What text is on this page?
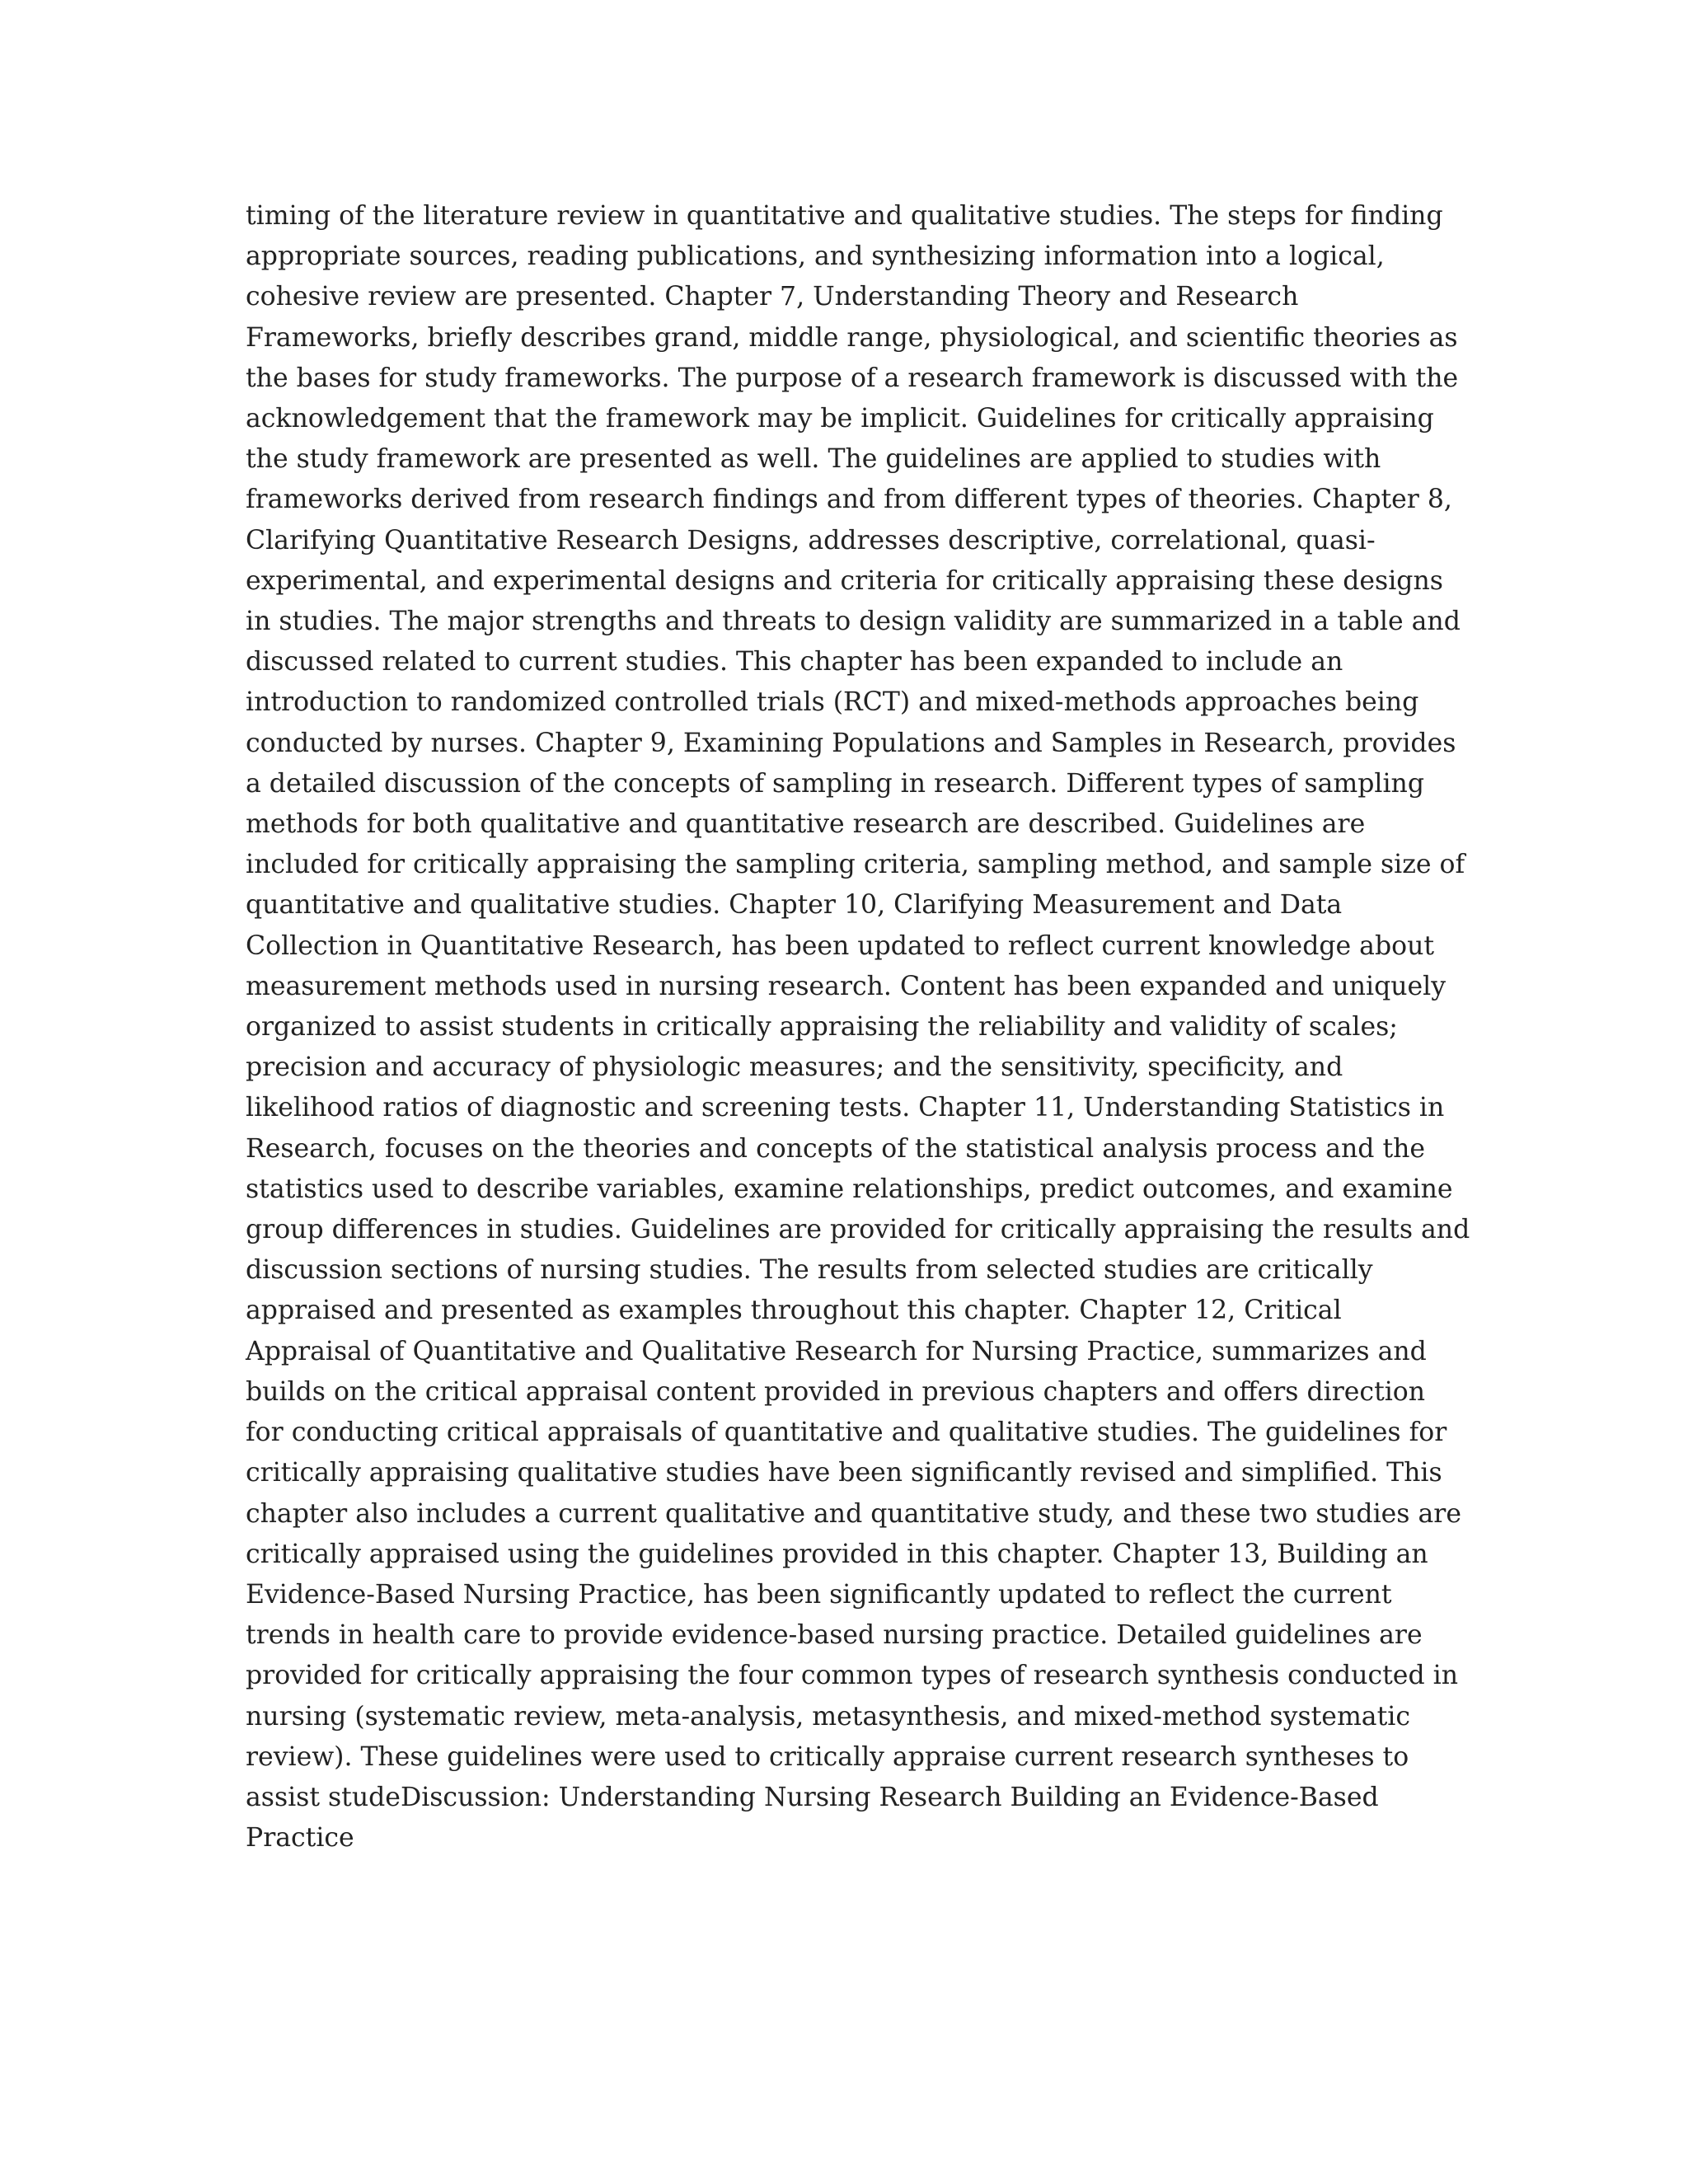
timing of the literature review in quantitative and qualitative studies. The steps for finding
appropriate sources, reading publications, and synthesizing information into a logical,
cohesive review are presented. Chapter 7, Understanding Theory and Research
Frameworks, briefly describes grand, middle range, physiological, and scientific theories as
the bases for study frameworks. The purpose of a research framework is discussed with the
acknowledgement that the framework may be implicit. Guidelines for critically appraising
the study framework are presented as well. The guidelines are applied to studies with
frameworks derived from research findings and from different types of theories. Chapter 8,
Clarifying Quantitative Research Designs, addresses descriptive, correlational, quasi-
experimental, and experimental designs and criteria for critically appraising these designs
in studies. The major strengths and threats to design validity are summarized in a table and
discussed related to current studies. This chapter has been expanded to include an
introduction to randomized controlled trials (RCT) and mixed-methods approaches being
conducted by nurses. Chapter 9, Examining Populations and Samples in Research, provides
a detailed discussion of the concepts of sampling in research. Different types of sampling
methods for both qualitative and quantitative research are described. Guidelines are
included for critically appraising the sampling criteria, sampling method, and sample size of
quantitative and qualitative studies. Chapter 10, Clarifying Measurement and Data
Collection in Quantitative Research, has been updated to reflect current knowledge about
measurement methods used in nursing research. Content has been expanded and uniquely
organized to assist students in critically appraising the reliability and validity of scales;
precision and accuracy of physiologic measures; and the sensitivity, specificity, and
likelihood ratios of diagnostic and screening tests. Chapter 11, Understanding Statistics in
Research, focuses on the theories and concepts of the statistical analysis process and the
statistics used to describe variables, examine relationships, predict outcomes, and examine
group differences in studies. Guidelines are provided for critically appraising the results and
discussion sections of nursing studies. The results from selected studies are critically
appraised and presented as examples throughout this chapter. Chapter 12, Critical
Appraisal of Quantitative and Qualitative Research for Nursing Practice, summarizes and
builds on the critical appraisal content provided in previous chapters and offers direction
for conducting critical appraisals of quantitative and qualitative studies. The guidelines for
critically appraising qualitative studies have been significantly revised and simplified. This
chapter also includes a current qualitative and quantitative study, and these two studies are
critically appraised using the guidelines provided in this chapter. Chapter 13, Building an
Evidence-Based Nursing Practice, has been significantly updated to reflect the current
trends in health care to provide evidence-based nursing practice. Detailed guidelines are
provided for critically appraising the four common types of research synthesis conducted in
nursing (systematic review, meta-analysis, metasynthesis, and mixed-method systematic
review). These guidelines were used to critically appraise current research syntheses to
assist studeDiscussion: Understanding Nursing Research Building an Evidence-Based
Practice
